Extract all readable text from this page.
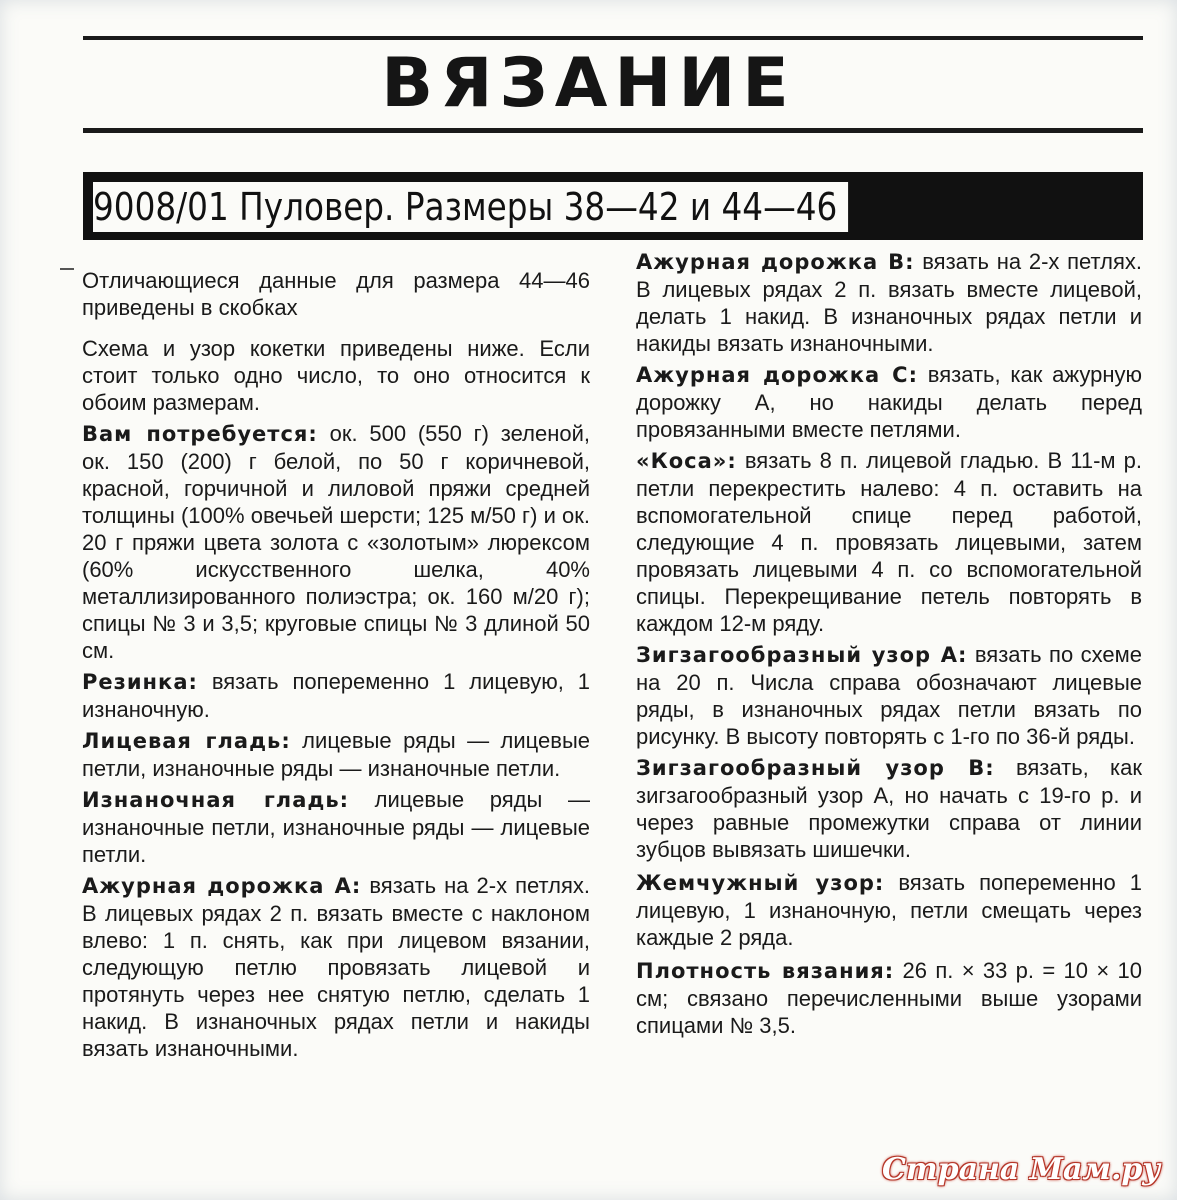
ВЯЗАНИЕ
9008/01 Пуловер. Размеры 38—42 и 44—46

Отличающиеся данные для размера 44—46 приведены в скобках

Схема и узор кокетки приведены ниже. Если стоит только одно число, то оно относится к обоим размерам.

Вам потребуется: ок. 500 (550 г) зеленой, ок. 150 (200) г белой, по 50 г коричневой, красной, горчичной и лиловой пряжи средней толщины (100% овечьей шерсти; 125 м/50 г) и ок. 20 г пряжи цвета золота с «золотым» люрексом (60% искусственного шелка, 40% металлизированного полиэстра; ок. 160 м/20 г); спицы № 3 и 3,5; круговые спицы № 3 длиной 50 см.

Резинка: вязать попеременно 1 лицевую, 1 изнаночную.

Лицевая гладь: лицевые ряды — лицевые петли, изнаночные ряды — изнаночные петли.

Изнаночная гладь: лицевые ряды — изнаночные петли, изнаночные ряды — лицевые петли.

Ажурная дорожка А: вязать на 2-х петлях. В лицевых рядах 2 п. вязать вместе с наклоном влево: 1 п. снять, как при лицевом вязании, следующую петлю провязать лицевой и протянуть через нее снятую петлю, сделать 1 накид. В изнаночных рядах петли и накиды вязать изнаночными.

Ажурная дорожка В: вязать на 2-х петлях. В лицевых рядах 2 п. вязать вместе лицевой, делать 1 накид. В изнаночных рядах петли и накиды вязать изнаночными.

Ажурная дорожка С: вязать, как ажурную дорожку А, но накиды делать перед провязанными вместе петлями.

«Коса»: вязать 8 п. лицевой гладью. В 11-м р. петли перекрестить налево: 4 п. оставить на вспомогательной спице перед работой, следующие 4 п. провязать лицевыми, затем провязать лицевыми 4 п. со вспомогательной спицы. Перекрещивание петель повторять в каждом 12-м ряду.

Зигзагообразный узор А: вязать по схеме на 20 п. Числа справа обозначают лицевые ряды, в изнаночных рядах петли вязать по рисунку. В высоту повторять с 1-го по 36-й ряды.

Зигзагообразный узор В: вязать, как зигзагообразный узор А, но начать с 19-го р. и через равные промежутки справа от линии зубцов вывязать шишечки.

Жемчужный узор: вязать попеременно 1 лицевую, 1 изнаночную, петли смещать через каждые 2 ряда.

Плотность вязания: 26 п. × 33 р. = 10 × 10 см; связано перечисленными выше узорами спицами № 3,5.

Страна Мам.ру
